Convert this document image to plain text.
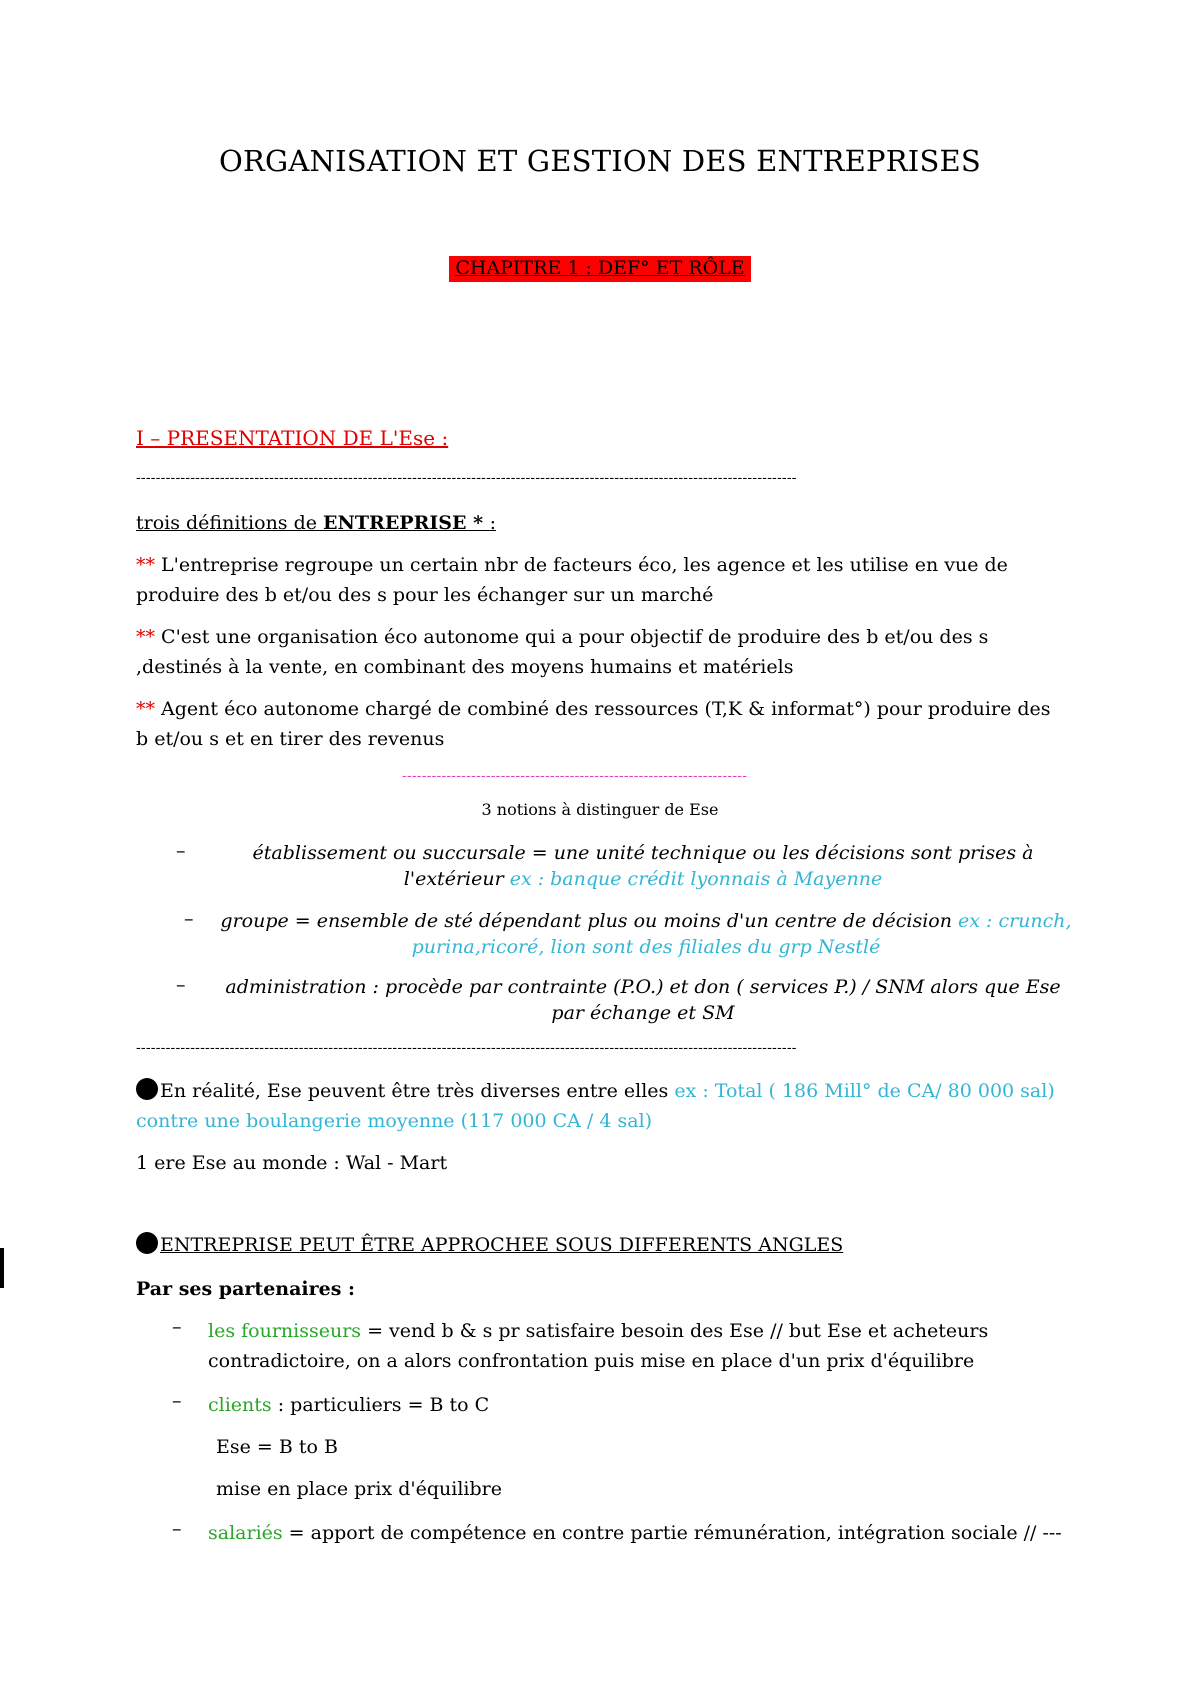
ORGANISATION ET GESTION DES ENTREPRISES
CHAPITRE 1 : DEF° ET RÔLE
I – PRESENTATION DE L'Ese :
--------------------------------------------------------------------------------------------------------------------------------------
trois définitions de ENTREPRISE * :
** L'entreprise regroupe un certain nbr de facteurs éco, les agence et les utilise en vue de produire des b et/ou des s pour les échanger sur un marché
** C'est une organisation éco autonome qui a pour objectif de produire des b et/ou des s ,destinés à la vente, en combinant des moyens humains et matériels
** Agent éco autonome chargé de combiné des ressources (T,K & informat°) pour produire des b et/ou s et en tirer des revenus
----------------------------------------------------------------------
3 notions à distinguer de Ese
–	établissement ou succursale = une unité technique ou les décisions sont prises à l'extérieur ex : banque crédit lyonnais à Mayenne
– groupe = ensemble de sté dépendant plus ou moins d'un centre de décision ex : crunch, purina,ricoré, lion sont des filiales du grp Nestlé
–	administration : procède par contrainte (P.O.) et don ( services P.) / SNM alors que Ese par échange et SM
--------------------------------------------------------------------------------------------------------------------------------------
En réalité, Ese peuvent être très diverses entre elles ex : Total ( 186 Mill° de CA/ 80 000 sal) contre une boulangerie moyenne (117 000 CA / 4 sal)
1 ere Ese au monde : Wal - Mart
ENTREPRISE PEUT ÊTRE APPROCHEE SOUS DIFFERENTS ANGLES
Par ses partenaires :
– les fournisseurs = vend b & s pr satisfaire besoin des Ese // but Ese et acheteurs contradictoire, on a alors confrontation puis mise en place d'un prix d'équilibre
– clients : particuliers = B to C
Ese = B to B
mise en place prix d'équilibre
– salariés = apport de compétence en contre partie rémunération, intégration sociale // ---
